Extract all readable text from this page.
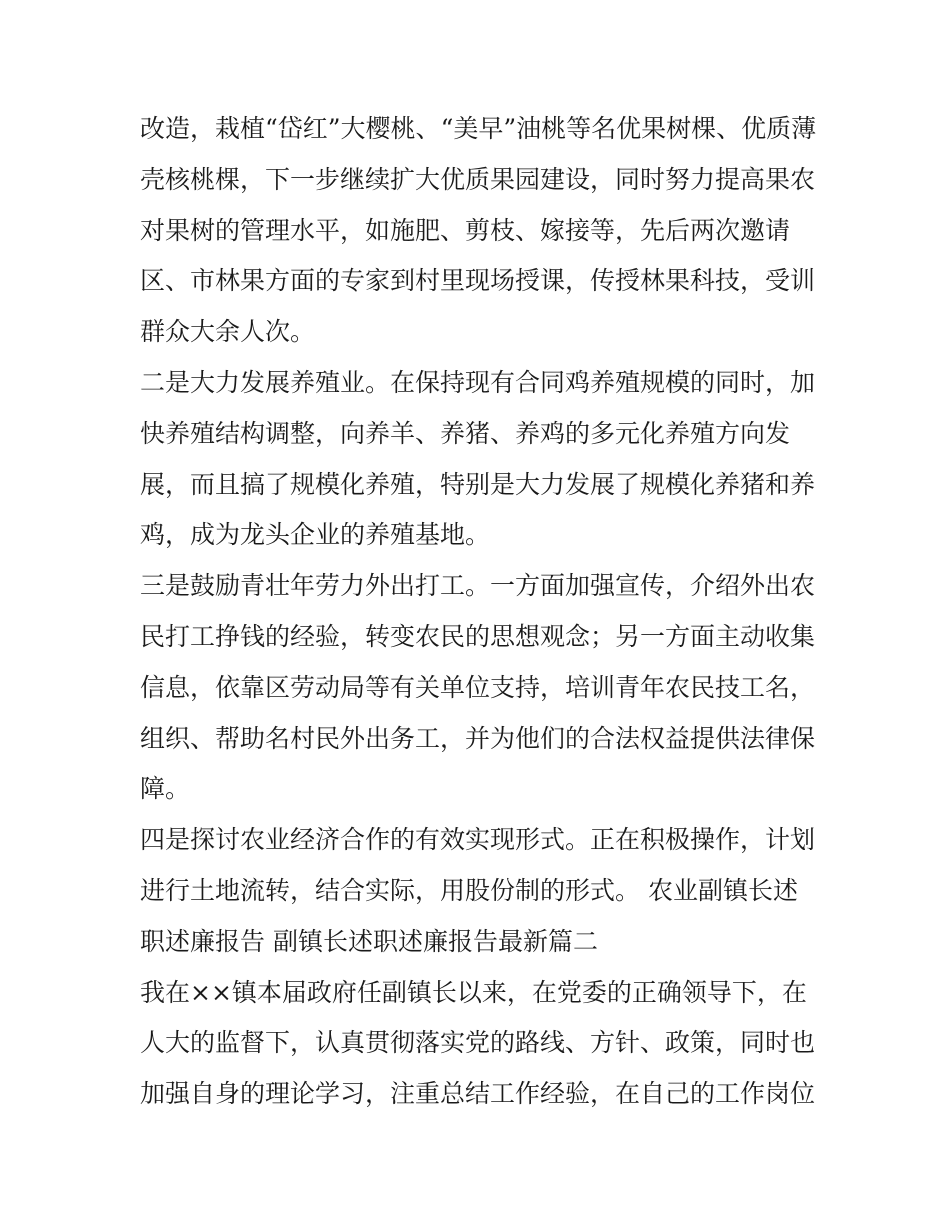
改造，栽植“岱红”大樱桃、“美早”油桃等名优果树棵、优质薄
壳核桃棵，下一步继续扩大优质果园建设，同时努力提高果农
对果树的管理水平，如施肥、剪枝、嫁接等，先后两次邀请
区、市林果方面的专家到村里现场授课，传授林果科技，受训
群众大余人次。
二是大力发展养殖业。在保持现有合同鸡养殖规模的同时，加
快养殖结构调整，向养羊、养猪、养鸡的多元化养殖方向发
展，而且搞了规模化养殖，特别是大力发展了规模化养猪和养
鸡，成为龙头企业的养殖基地。
三是鼓励青壮年劳力外出打工。一方面加强宣传，介绍外出农
民打工挣钱的经验，转变农民的思想观念；另一方面主动收集
信息，依靠区劳动局等有关单位支持，培训青年农民技工名，
组织、帮助名村民外出务工，并为他们的合法权益提供法律保
障。
四是探讨农业经济合作的有效实现形式。正在积极操作，计划
进行土地流转，结合实际，用股份制的形式。 农业副镇长述
职述廉报告 副镇长述职述廉报告最新篇二
我在××镇本届政府任副镇长以来，在党委的正确领导下，在
人大的监督下，认真贯彻落实党的路线、方针、政策，同时也
加强自身的理论学习，注重总结工作经验，在自己的工作岗位
